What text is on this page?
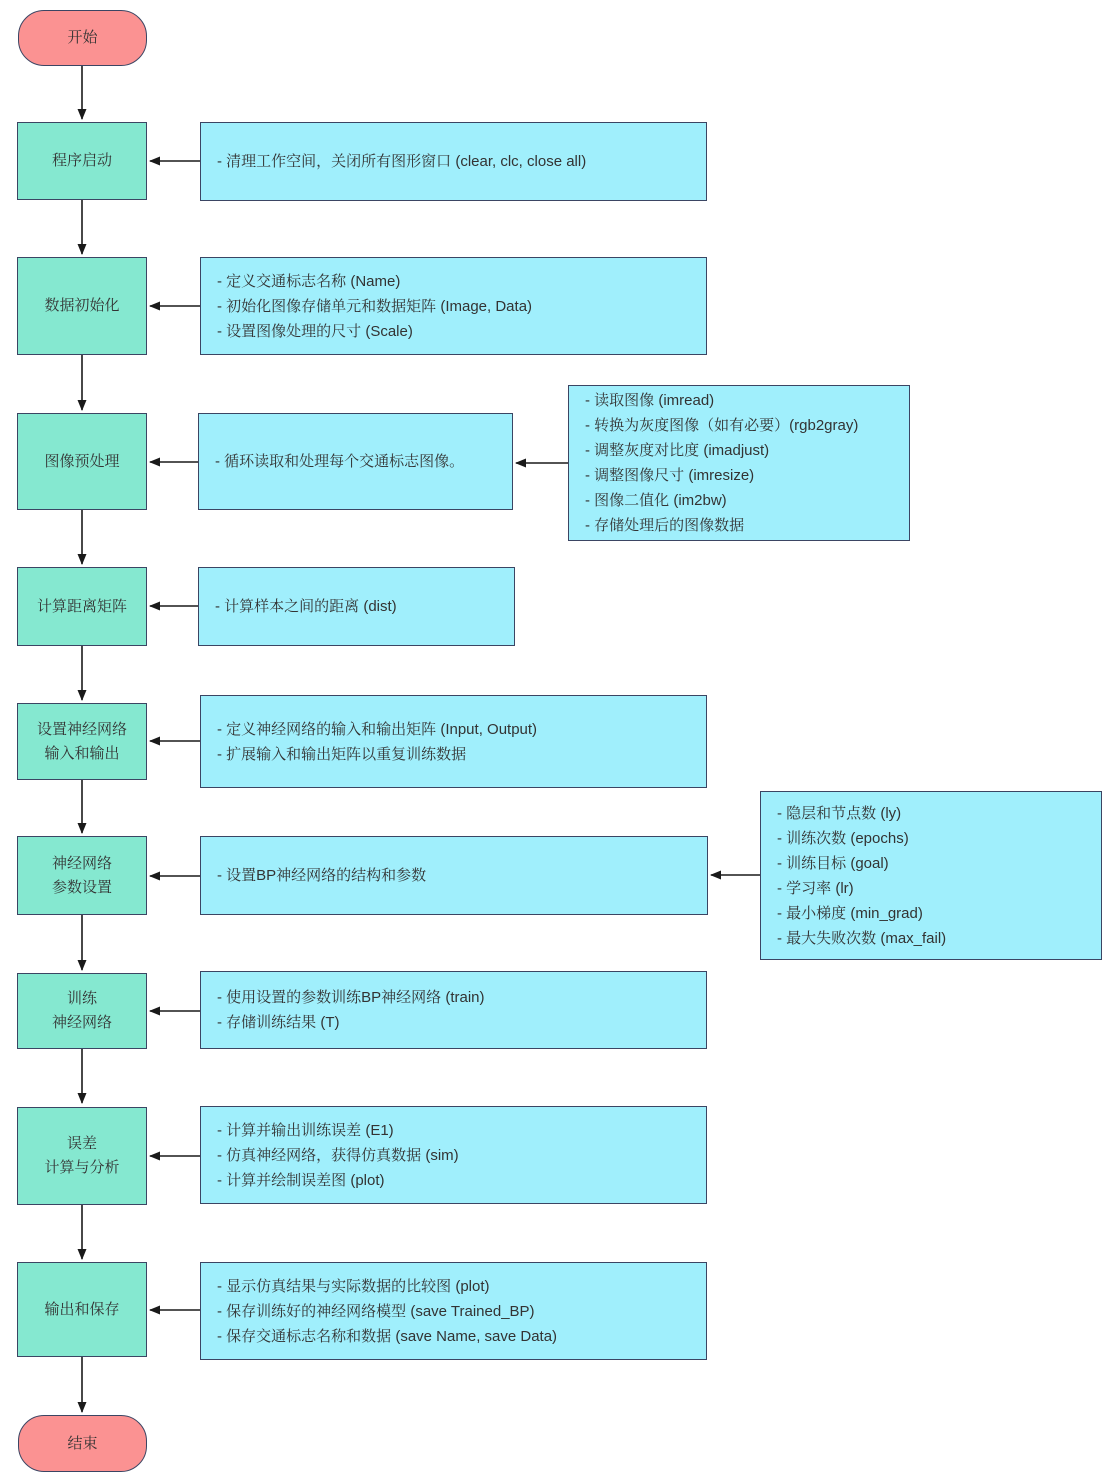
开始
结束
程序启动
数据初始化
图像预处理
计算距离矩阵
设置神经网络
输入和输出
神经网络
参数设置
训练
神经网络
误差
计算与分析
输出和保存
- 清理工作空间，关闭所有图形窗口 (clear, clc, close all)
- 定义交通标志名称 (Name)
- 初始化图像存储单元和数据矩阵 (Image, Data)
- 设置图像处理的尺寸 (Scale)
- 循环读取和处理每个交通标志图像。
- 计算样本之间的距离 (dist)
- 定义神经网络的输入和输出矩阵 (Input, Output)
- 扩展输入和输出矩阵以重复训练数据
- 设置BP神经网络的结构和参数
- 使用设置的参数训练BP神经网络 (train)
- 存储训练结果 (T)
- 计算并输出训练误差 (E1)
- 仿真神经网络，获得仿真数据 (sim)
- 计算并绘制误差图 (plot)
- 显示仿真结果与实际数据的比较图 (plot)
- 保存训练好的神经网络模型 (save Trained_BP)
- 保存交通标志名称和数据 (save Name, save Data)
- 读取图像 (imread)
- 转换为灰度图像（如有必要）(rgb2gray)
- 调整灰度对比度 (imadjust)
- 调整图像尺寸 (imresize)
- 图像二值化 (im2bw)
- 存储处理后的图像数据
- 隐层和节点数 (ly)
- 训练次数 (epochs)
- 训练目标 (goal)
- 学习率 (lr)
- 最小梯度 (min_grad)
- 最大失败次数 (max_fail)
